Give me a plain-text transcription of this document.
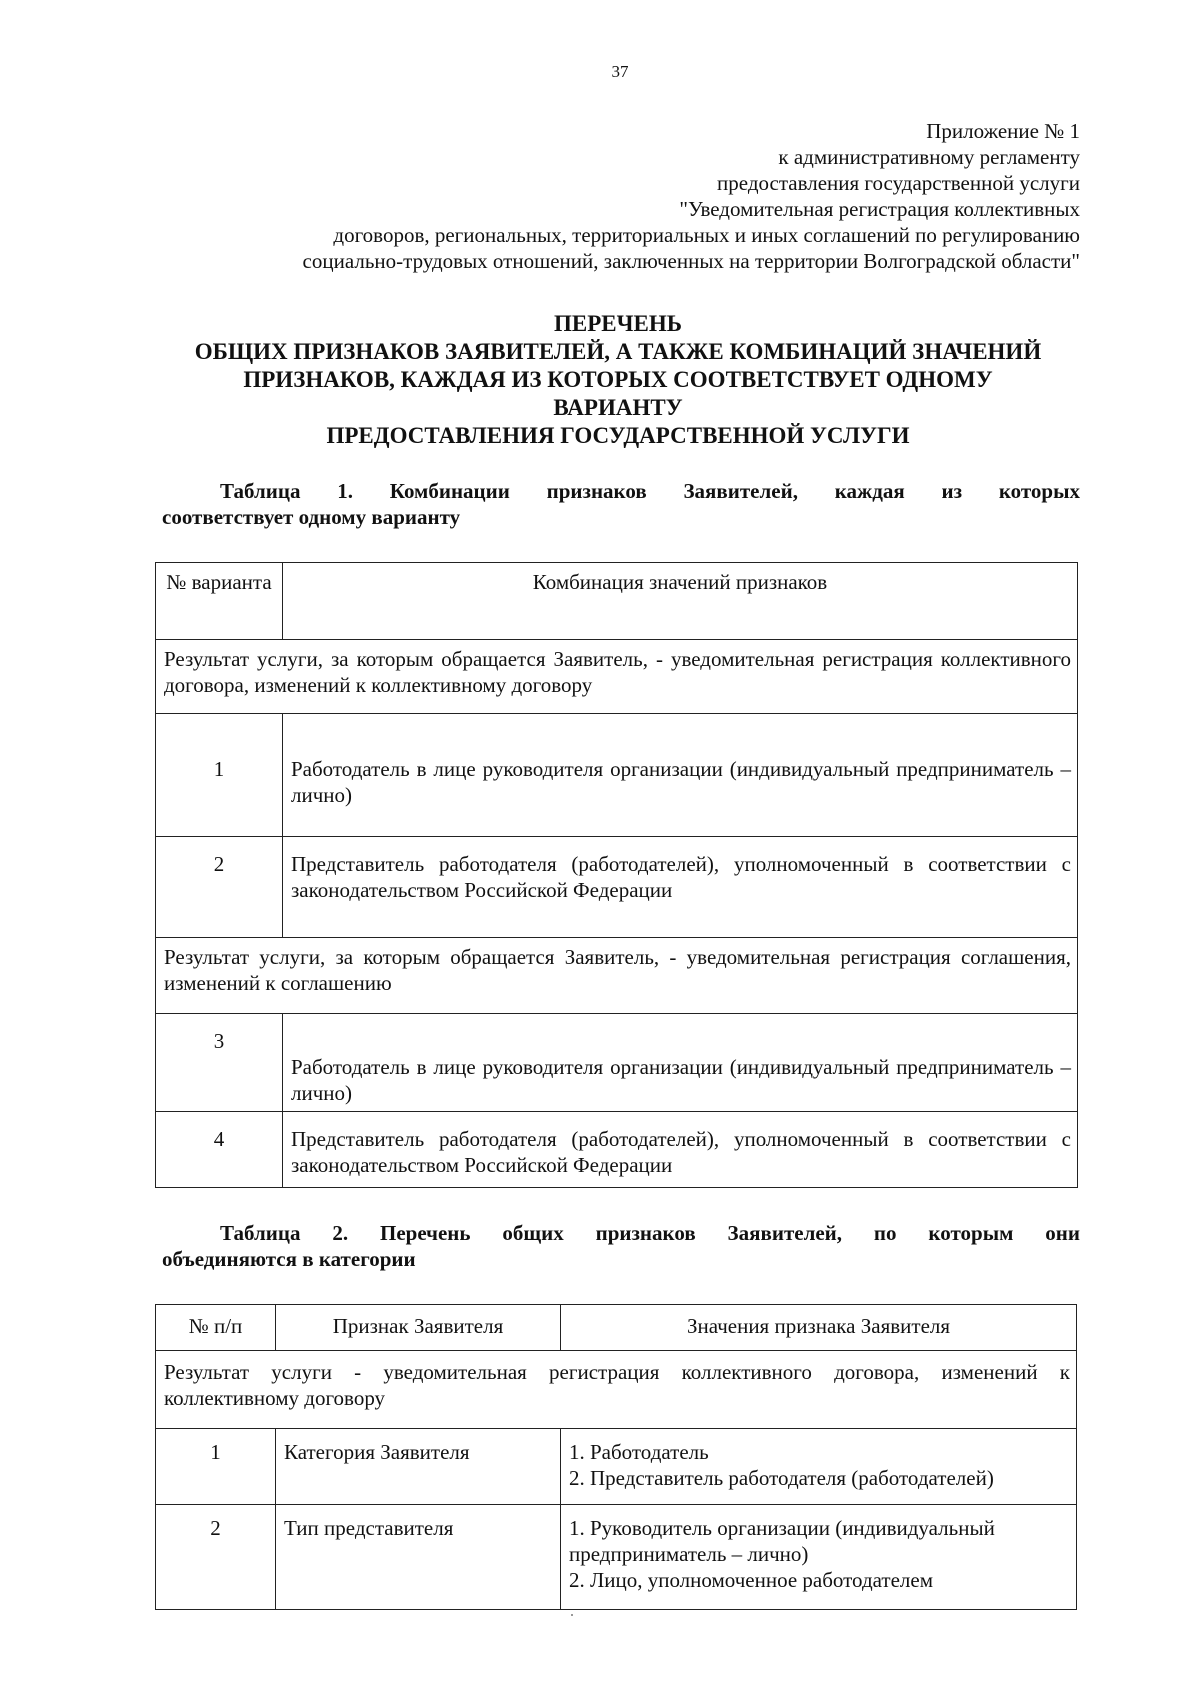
37
Приложение № 1
к административному регламенту
предоставления государственной услуги
"Уведомительная регистрация коллективных
договоров, региональных, территориальных и иных соглашений по регулированию
социально-трудовых отношений, заключенных на территории Волгоградской области"
ПЕРЕЧЕНЬ
ОБЩИХ ПРИЗНАКОВ ЗАЯВИТЕЛЕЙ, А ТАКЖЕ КОМБИНАЦИЙ ЗНАЧЕНИЙ
ПРИЗНАКОВ, КАЖДАЯ ИЗ КОТОРЫХ СООТВЕТСТВУЕТ ОДНОМУ
ВАРИАНТУ
ПРЕДОСТАВЛЕНИЯ ГОСУДАРСТВЕННОЙ УСЛУГИ
Таблица 1. Комбинации признаков Заявителей, каждая из которых
соответствует одному варианту
№ варианта	Комбинация значений признаков

Результат услуги, за которым обращается Заявитель, - уведомительная регистрация коллективного договора, изменений к коллективному договору	

1	Работодатель в лице руководителя организации (индивидуальный предприниматель – лично)

2	Представитель работодателя (работодателей), уполномоченный в соответствии с законодательством Российской Федерации

Результат услуги, за которым обращается Заявитель, - уведомительная регистрация соглашения, изменений к соглашению	

3	Работодатель в лице руководителя организации (индивидуальный предприниматель – лично)

4	Представитель работодателя (работодателей), уполномоченный в соответствии с законодательством Российской Федерации
Таблица 2. Перечень общих признаков Заявителей, по которым они
объединяются в категории
№ п/п	Признак Заявителя	Значения признака Заявителя

Результат услуги - уведомительная регистрация коллективного договора, изменений к коллективному договору		

1	Категория Заявителя	1. Работодатель
2. Представитель работодателя (работодателей)

2	Тип представителя	1. Руководитель организации (индивидуальный предприниматель – лично)
2. Лицо, уполномоченное работодателем
